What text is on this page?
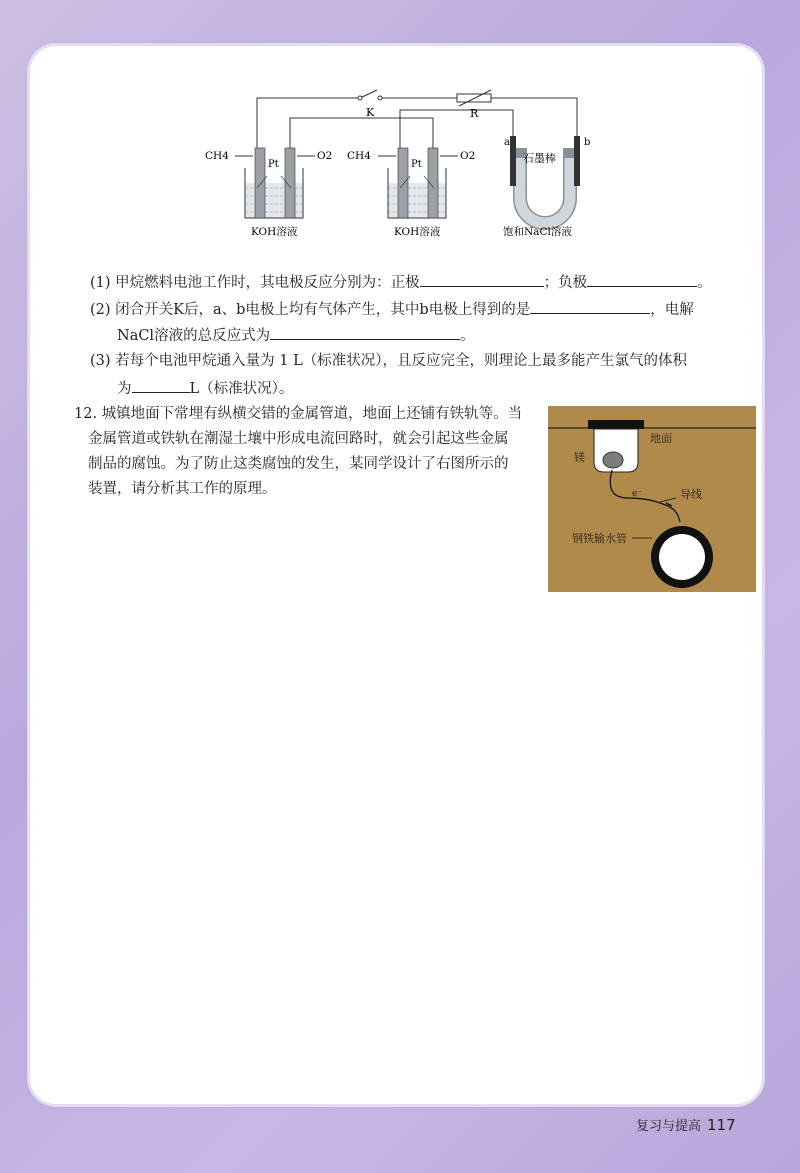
K	R
CH4	O2
Pt
KOH溶液
CH4	O2
Pt
KOH溶液
a	b
石墨棒
饱和NaCl溶液
(1) 甲烷燃料电池工作时，其电极反应分别为：正极	；负极	。
(2) 闭合开关K后，a、b电极上均有气体产生，其中b电极上得到的是	，电解
NaCl溶液的总反应式为	。
(3) 若每个电池甲烷通入量为 1 L（标准状况），且反应完全，则理论上最多能产生氯气的体积
为	L（标准状况）。
12. 城镇地面下常埋有纵横交错的金属管道，地面上还铺有铁轨等。当
金属管道或铁轨在潮湿土壤中形成电流回路时，就会引起这些金属
制品的腐蚀。为了防止这类腐蚀的发生，某同学设计了右图所示的
装置，请分析其工作的原理。
地面
镁
e⁻	导线
钢铁输水管
复习与提高 117
